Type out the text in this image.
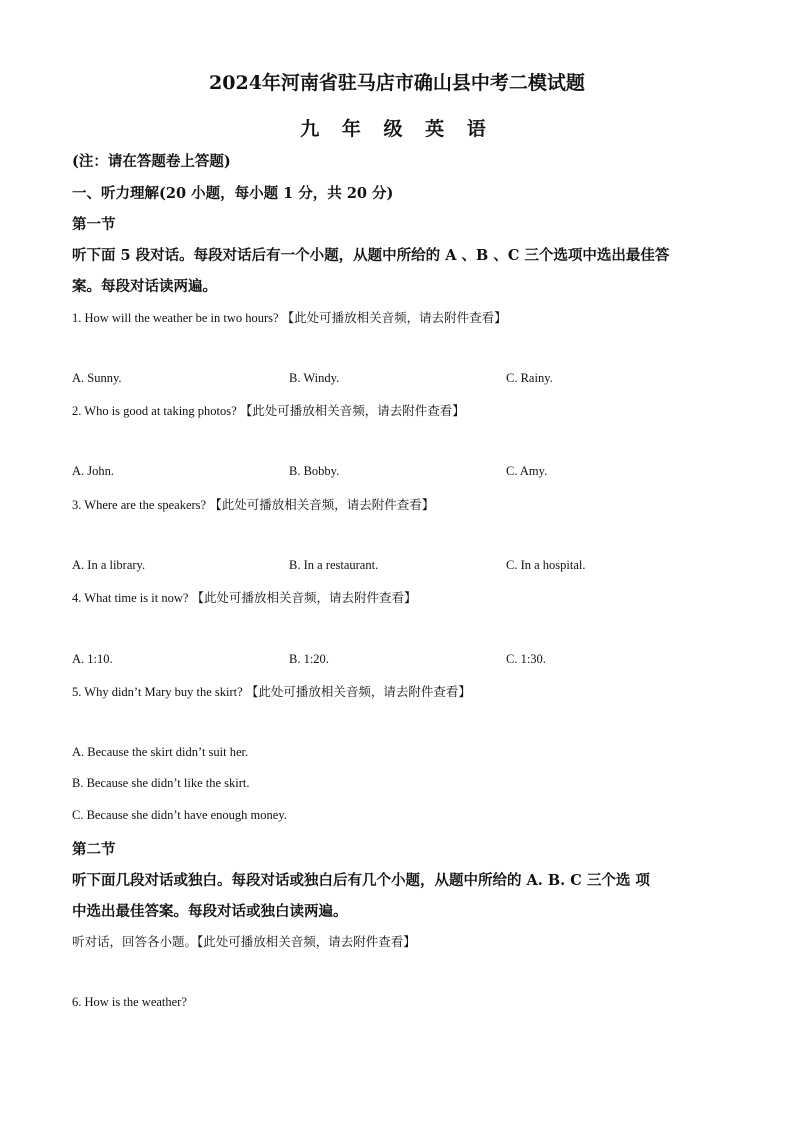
2024年河南省驻马店市确山县中考二模试题
九 年 级 英 语
(注：请在答题卷上答题)
一、听力理解(20 小题，每小题 1 分，共 20 分)
第一节
听下面 5 段对话。每段对话后有一个小题，从题中所给的 A 、B 、C 三个选项中选出最佳答
案。每段对话读两遍。
1. How will the weather be in two hours? 【此处可播放相关音频，请去附件查看】
A. Sunny.	B. Windy.	C. Rainy.
2. Who is good at taking photos? 【此处可播放相关音频，请去附件查看】
A. John.	B. Bobby.	C. Amy.
3. Where are the speakers? 【此处可播放相关音频，请去附件查看】
A. In a library.	B. In a restaurant.	C. In a hospital.
4. What time is it now? 【此处可播放相关音频，请去附件查看】
A. 1:10.	B. 1:20.	C. 1:30.
5. Why didn’t Mary buy the skirt? 【此处可播放相关音频，请去附件查看】
A. Because the skirt didn’t suit her.
B. Because she didn’t like the skirt.
C. Because she didn’t have enough money.
第二节
听下面几段对话或独白。每段对话或独白后有几个小题，从题中所给的 A. B. C 三个选 项
中选出最佳答案。每段对话或独白读两遍。
听对话，回答各小题。【此处可播放相关音频，请去附件查看】
6. How is the weather?
